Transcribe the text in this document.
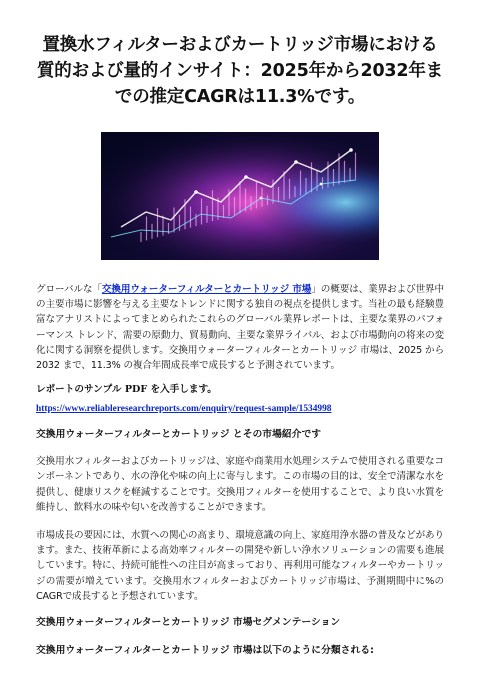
置換水フィルターおよびカートリッジ市場における質的および量的インサイト：2025年から2032年までの推定CAGRは11.3%です。

グローバルな「交換用ウォーターフィルターとカートリッジ 市場」の概要は、業界および世界中の主要市場に影響を与える主要なトレンドに関する独自の視点を提供します。当社の最も経験豊富なアナリストによってまとめられたこれらのグローバル業界レポートは、主要な業界のパフォーマンス トレンド、需要の原動力、貿易動向、主要な業界ライバル、および市場動向の将来の変化に関する洞察を提供します。交換用ウォーターフィルターとカートリッジ 市場は、2025 から 2032 まで、11.3% の複合年間成長率で成長すると予測されています。

レポートのサンプル PDF を入手します。

https://www.reliableresearchreports.com/enquiry/request-sample/1534998

交換用ウォーターフィルターとカートリッジ とその市場紹介です

交換用水フィルターおよびカートリッジは、家庭や商業用水処理システムで使用される重要なコンポーネントであり、水の浄化や味の向上に寄与します。この市場の目的は、安全で清潔な水を提供し、健康リスクを軽減することです。交換用フィルターを使用することで、より良い水質を維持し、飲料水の味や匂いを改善することができます。

市場成長の要因には、水質への関心の高まり、環境意識の向上、家庭用浄水器の普及などがあります。また、技術革新による高効率フィルターの開発や新しい浄水ソリューションの需要も進展しています。特に、持続可能性への注目が高まっており、再利用可能なフィルターやカートリッジの需要が増えています。交換用水フィルターおよびカートリッジ市場は、予測期間中に%のCAGRで成長すると予想されています。

交換用ウォーターフィルターとカートリッジ 市場セグメンテーション
交換用ウォーターフィルターとカートリッジ 市場は以下のように分類される:
